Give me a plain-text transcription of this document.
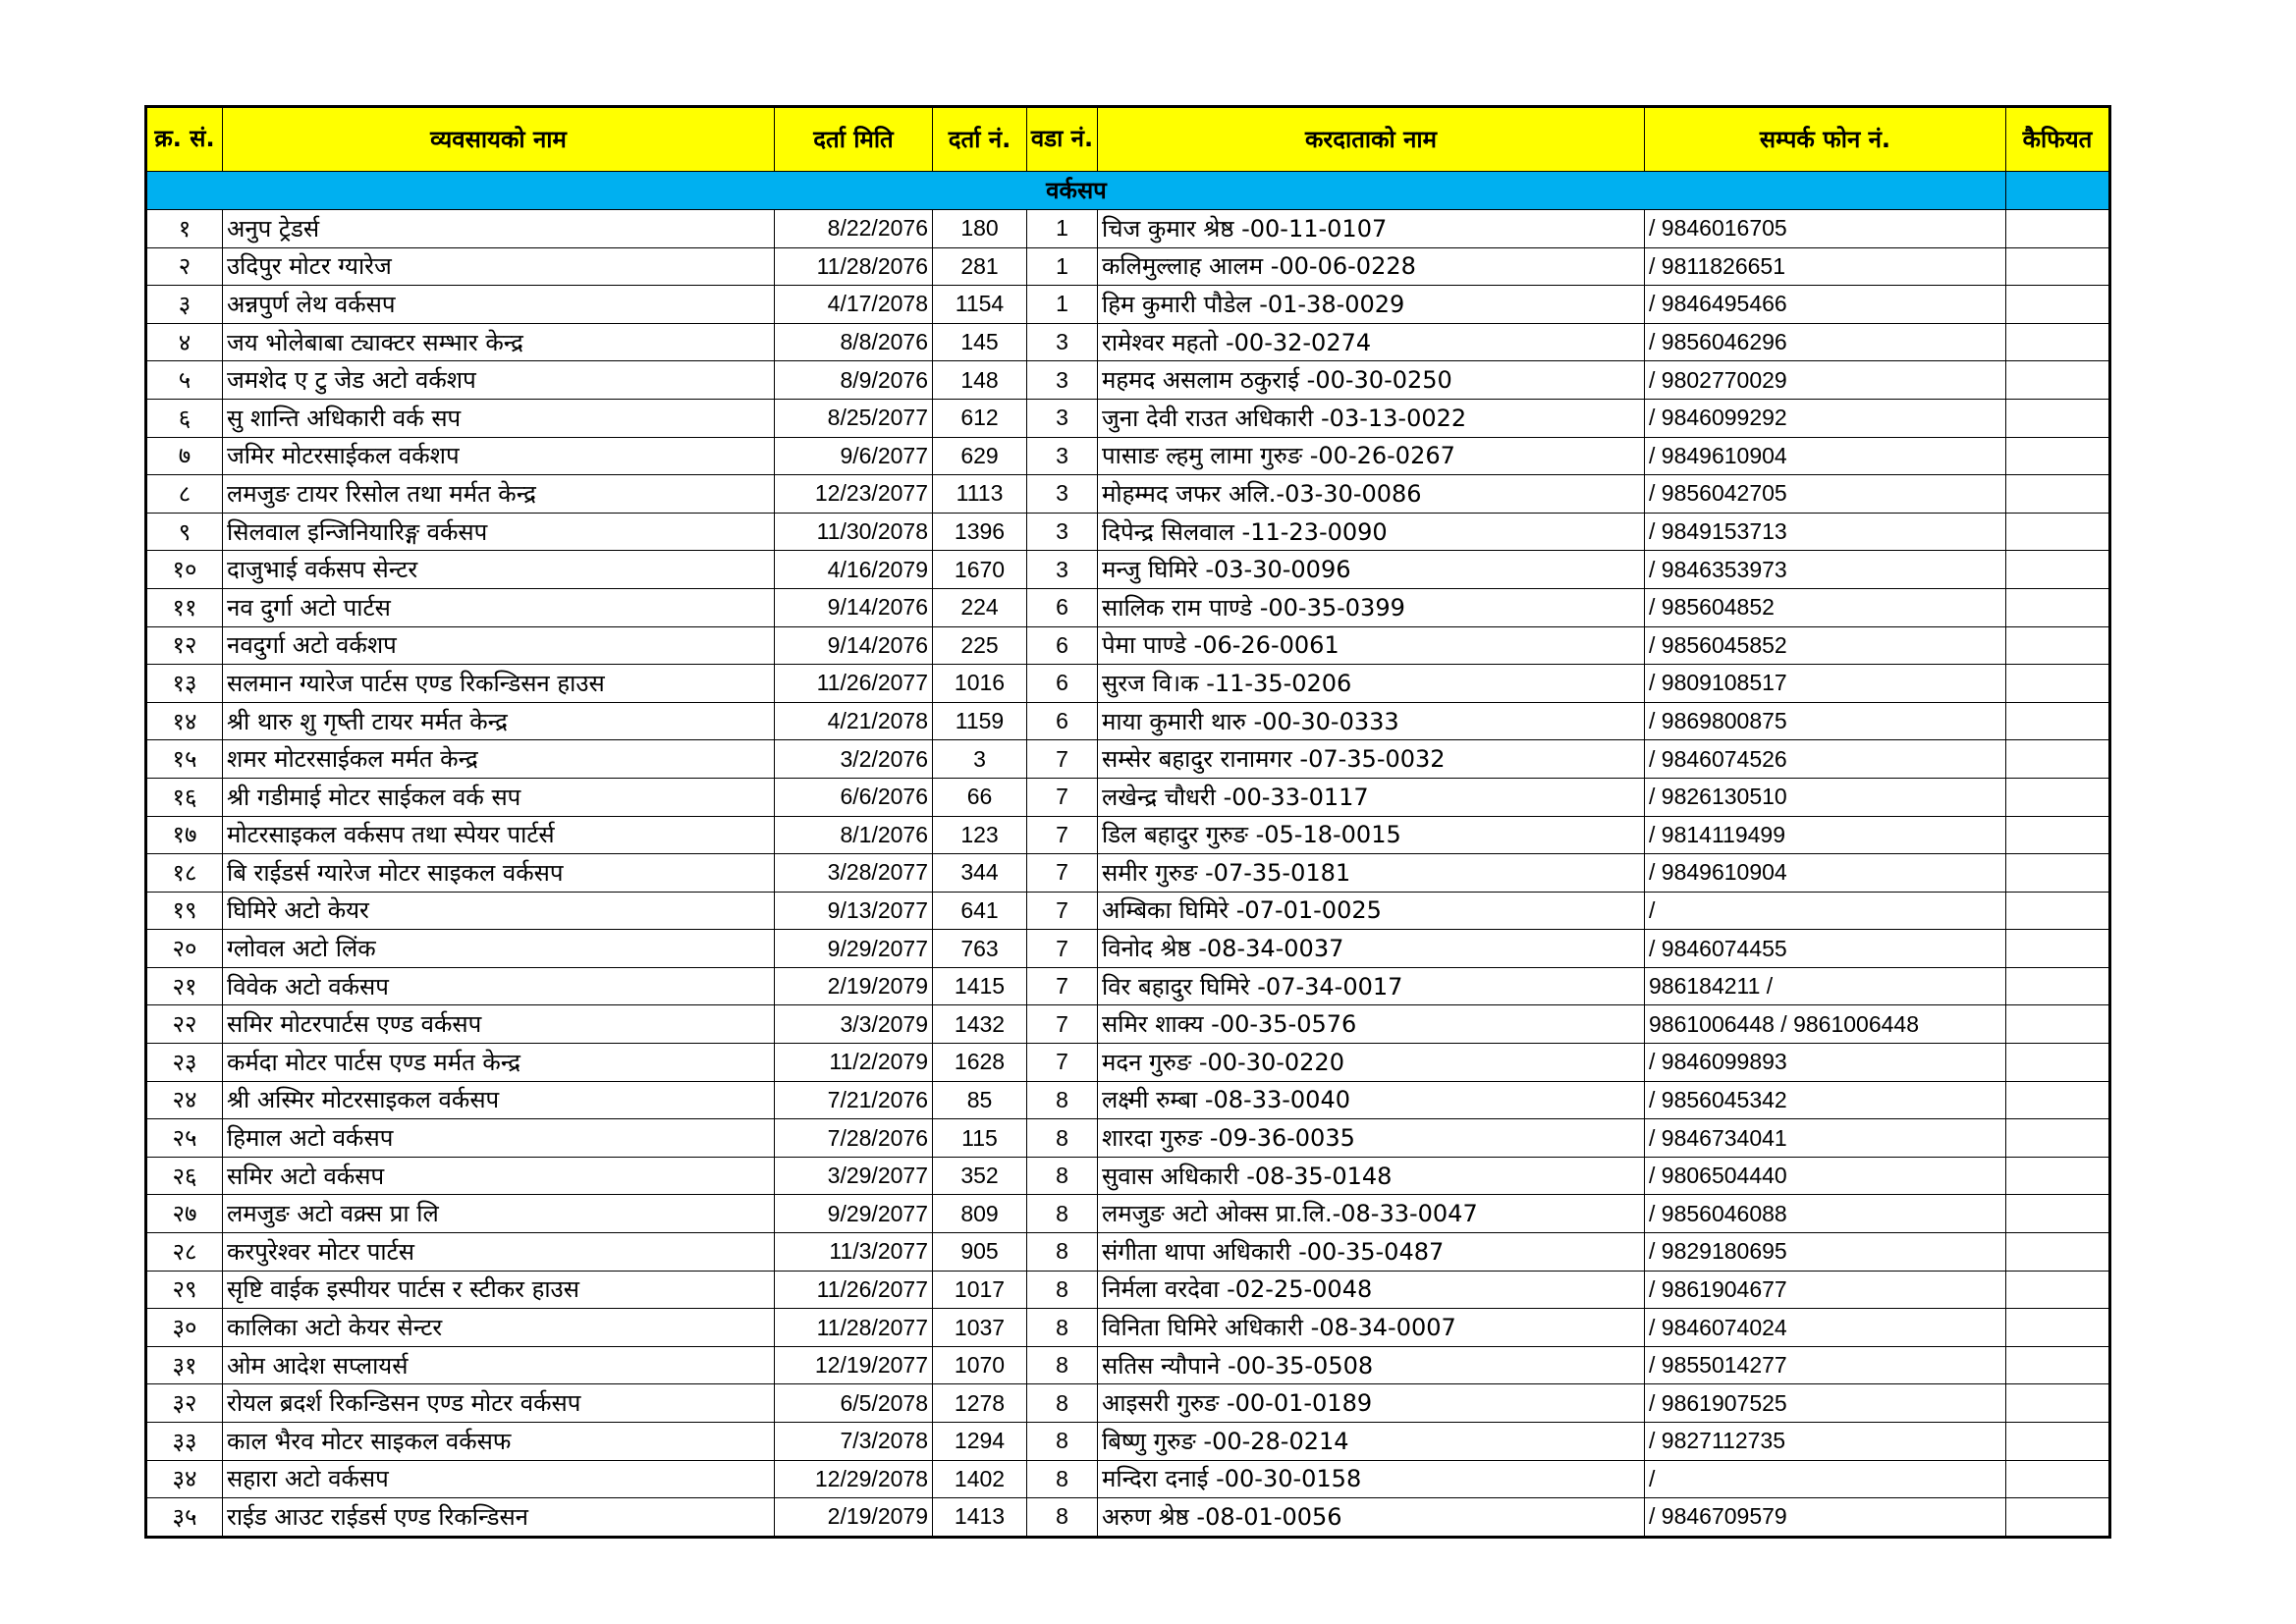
क्र. सं.	व्यवसायको नाम	दर्ता मिति	दर्ता नं.	वडा नं.	करदाताको नाम	सम्पर्क फोन नं.	कैफियत
वर्कसप							
१	अनुप ट्रेडर्स	8/22/2076	180	1	चिज कुमार श्रेष्ठ -00-11-0107	/ 9846016705	
२	उदिपुर मोटर ग्यारेज	11/28/2076	281	1	कलिमुल्लाह आलम -00-06-0228	/ 9811826651	
३	अन्नपुर्ण लेथ वर्कसप	4/17/2078	1154	1	हिम कुमारी पौडेल -01-38-0029	/ 9846495466	
४	जय भोलेबाबा ट्याक्टर सम्भार केन्द्र	8/8/2076	145	3	रामेश्वर महतो -00-32-0274	/ 9856046296	
५	जमशेद ए टु जेड अटो वर्कशप	8/9/2076	148	3	महमद असलाम ठकुराई -00-30-0250	/ 9802770029	
६	सु शान्ति अधिकारी वर्क सप	8/25/2077	612	3	जुना देवी राउत अधिकारी -03-13-0022	/ 9846099292	
७	जमिर मोटरसाईकल वर्कशप	9/6/2077	629	3	पासाङ ल्हमु लामा गुरुङ -00-26-0267	/ 9849610904	
८	लमजुङ टायर रिसोल तथा मर्मत केन्द्र	12/23/2077	1113	3	मोहम्मद जफर अलि.-03-30-0086	/ 9856042705	
९	सिलवाल इन्जिनियारिङ्ग वर्कसप	11/30/2078	1396	3	दिपेन्द्र सिलवाल -11-23-0090	/ 9849153713	
१०	दाजुभाई वर्कसप सेन्टर	4/16/2079	1670	3	मन्जु घिमिरे -03-30-0096	/ 9846353973	
११	नव दुर्गा अटो पार्टस	9/14/2076	224	6	सालिक राम पाण्डे -00-35-0399	/ 985604852	
१२	नवदुर्गा अटो वर्कशप	9/14/2076	225	6	पेमा पाण्डे -06-26-0061	/ 9856045852	
१३	सलमान ग्यारेज पार्टस एण्ड रिकन्डिसन हाउस	11/26/2077	1016	6	सुरज वि।क -11-35-0206	/ 9809108517	
१४	श्री थारु शु गृष्ती टायर मर्मत केन्द्र	4/21/2078	1159	6	माया कुमारी थारु -00-30-0333	/ 9869800875	
१५	शमर मोटरसाईकल मर्मत केन्द्र	3/2/2076	3	7	सम्सेर बहादुर रानामगर -07-35-0032	/ 9846074526	
१६	श्री गडीमाई मोटर साईकल वर्क सप	6/6/2076	66	7	लखेन्द्र चौधरी -00-33-0117	/ 9826130510	
१७	मोटरसाइकल वर्कसप तथा स्पेयर पार्टर्स	8/1/2076	123	7	डिल बहादुर गुरुङ -05-18-0015	/ 9814119499	
१८	बि राईडर्स ग्यारेज मोटर साइकल वर्कसप	3/28/2077	344	7	समीर गुरुङ -07-35-0181	/ 9849610904	
१९	घिमिरे अटो केयर	9/13/2077	641	7	अम्बिका घिमिरे -07-01-0025	/	
२०	ग्लोवल अटो लिंक	9/29/2077	763	7	विनोद श्रेष्ठ -08-34-0037	/ 9846074455	
२१	विवेक अटो वर्कसप	2/19/2079	1415	7	विर बहादुर घिमिरे -07-34-0017	986184211 /	
२२	समिर मोटरपार्टस एण्ड वर्कसप	3/3/2079	1432	7	समिर शाक्य -00-35-0576	9861006448 / 9861006448	
२३	कर्मदा मोटर पार्टस एण्ड मर्मत केन्द्र	11/2/2079	1628	7	मदन गुरुङ -00-30-0220	/ 9846099893	
२४	श्री अस्मिर मोटरसाइकल वर्कसप	7/21/2076	85	8	लक्ष्मी रुम्बा -08-33-0040	/ 9856045342	
२५	हिमाल अटो वर्कसप	7/28/2076	115	8	शारदा गुरुङ -09-36-0035	/ 9846734041	
२६	समिर अटो वर्कसप	3/29/2077	352	8	सुवास अधिकारी -08-35-0148	/ 9806504440	
२७	लमजुङ अटो वक्र्स प्रा लि	9/29/2077	809	8	लमजुङ अटो ओक्स प्रा.लि.-08-33-0047	/ 9856046088	
२८	करपुरेश्वर मोटर पार्टस	11/3/2077	905	8	संगीता थापा अधिकारी -00-35-0487	/ 9829180695	
२९	सृष्टि वाईक इस्पीयर पार्टस र स्टीकर हाउस	11/26/2077	1017	8	निर्मला वरदेवा -02-25-0048	/ 9861904677	
३०	कालिका अटो केयर सेन्टर	11/28/2077	1037	8	विनिता घिमिरे अधिकारी -08-34-0007	/ 9846074024	
३१	ओम आदेश सप्लायर्स	12/19/2077	1070	8	सतिस न्यौपाने -00-35-0508	/ 9855014277	
३२	रोयल ब्रदर्श रिकन्डिसन एण्ड मोटर वर्कसप	6/5/2078	1278	8	आइसरी गुरुङ -00-01-0189	/ 9861907525	
३३	काल भैरव मोटर साइकल वर्कसफ	7/3/2078	1294	8	बिष्णु गुरुङ -00-28-0214	/ 9827112735	
३४	सहारा अटो वर्कसप	12/29/2078	1402	8	मन्दिरा दनाई -00-30-0158	/	
३५	राईड आउट राईडर्स एण्ड रिकन्डिसन	2/19/2079	1413	8	अरुण श्रेष्ठ -08-01-0056	/ 9846709579	
